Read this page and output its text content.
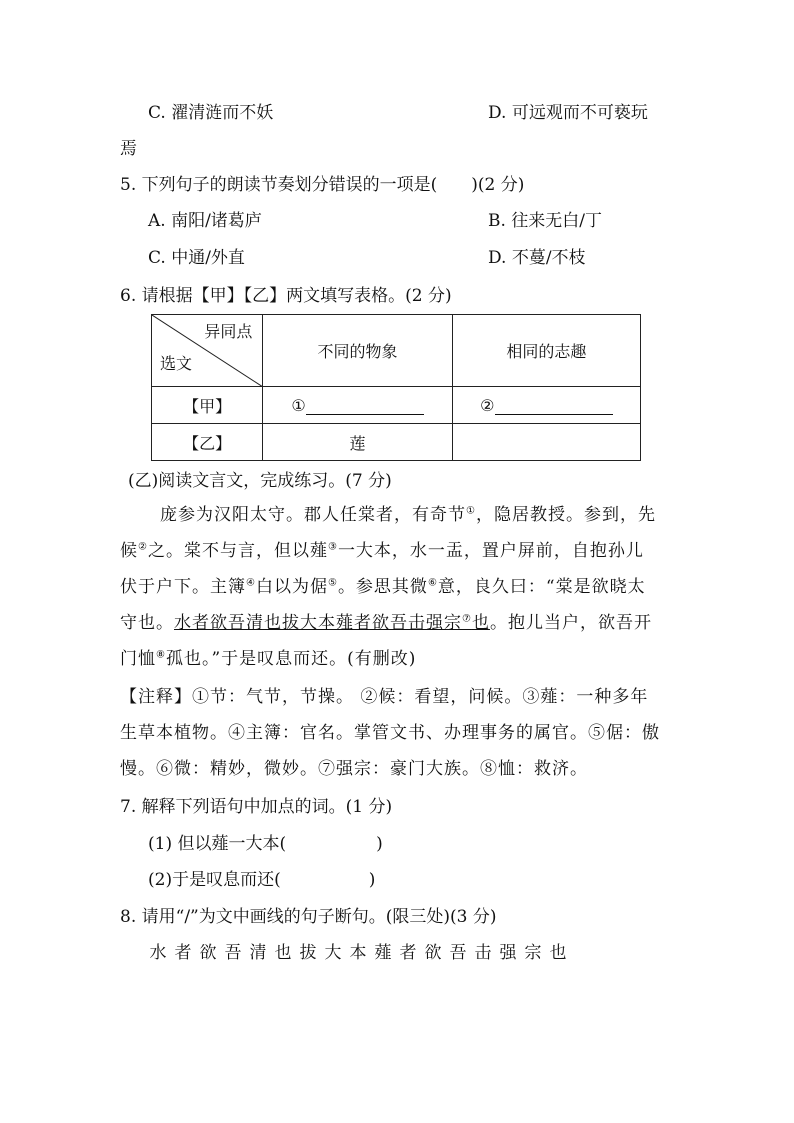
C. 濯清涟而不妖	D. 可远观而不可亵玩
焉
5. 下列句子的朗读节奏划分错误的一项是(　　)(2 分)
A. 南阳/诸葛庐	B. 往来无白/丁
C. 中通/外直	D. 不蔓/不枝
6. 请根据【甲】【乙】两文填写表格。(2 分)
异同点
选文	不同的物象	相同的志趣
【甲】	①	②
【乙】	莲	
(乙)阅读文言文，完成练习。(7 分)
庞参为汉阳太守。郡人任棠者，有奇节①，隐居教授。参到，先
候②之。棠不与言，但以薤③一大本，水一盂，置户屏前，自抱孙儿
伏于户下。主簿④白以为倨⑤。参思其微⑥意，良久曰：“棠是欲晓太
守也。水者欲吾清也拔大本薤者欲吾击强宗⑦也。抱儿当户，欲吾开
门恤⑧孤也。”于是叹息而还。(有删改)
【注释】①节：气节，节操。 ②候：看望，问候。③薤：一种多年
生草本植物。④主簿：官名。掌管文书、办理事务的属官。⑤倨：傲
慢。⑥微：精妙，微妙。⑦强宗：豪门大族。⑧恤：救济。
7. 解释下列语句中加点的词。(1 分)
(1) 但以薤一大本(	)
(2)于是叹息而还(	)
8. 请用“/”为文中画线的句子断句。(限三处)(3 分)
水 者 欲 吾 清 也 拔 大 本 薤 者 欲 吾 击 强 宗 也
